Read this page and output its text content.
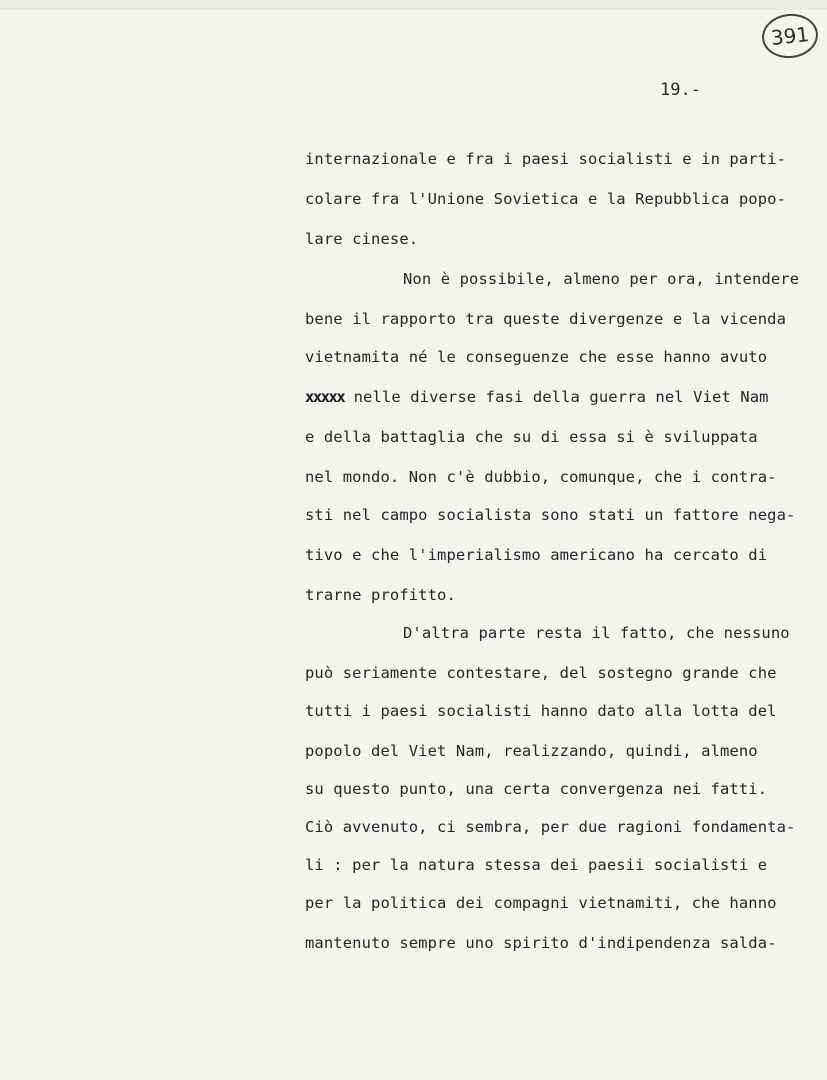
391
19.-
internazionale e fra i paesi socialisti e in parti-
colare fra l'Unione Sovietica e la Repubblica popo-
lare cinese.
Non è possibile, almeno per ora, intendere
bene il rapporto tra queste divergenze e la vicenda
vietnamita né le conseguenze che esse hanno avuto
xxxxx nelle diverse fasi della guerra nel Viet Nam
e della battaglia che su di essa si è sviluppata
nel mondo. Non c'è dubbio, comunque, che i contra-
sti nel campo socialista sono stati un fattore nega-
tivo e che l'imperialismo americano ha cercato di
trarne profitto.
D'altra parte resta il fatto, che nessuno
può seriamente contestare, del sostegno grande che
tutti i paesi socialisti hanno dato alla lotta del
popolo del Viet Nam, realizzando, quindi, almeno
su questo punto, una certa convergenza nei fatti.
Ciò avvenuto, ci sembra, per due ragioni fondamenta-
li : per la natura stessa dei paesii socialisti e
per la politica dei compagni vietnamiti, che hanno
mantenuto sempre uno spirito d'indipendenza salda-
